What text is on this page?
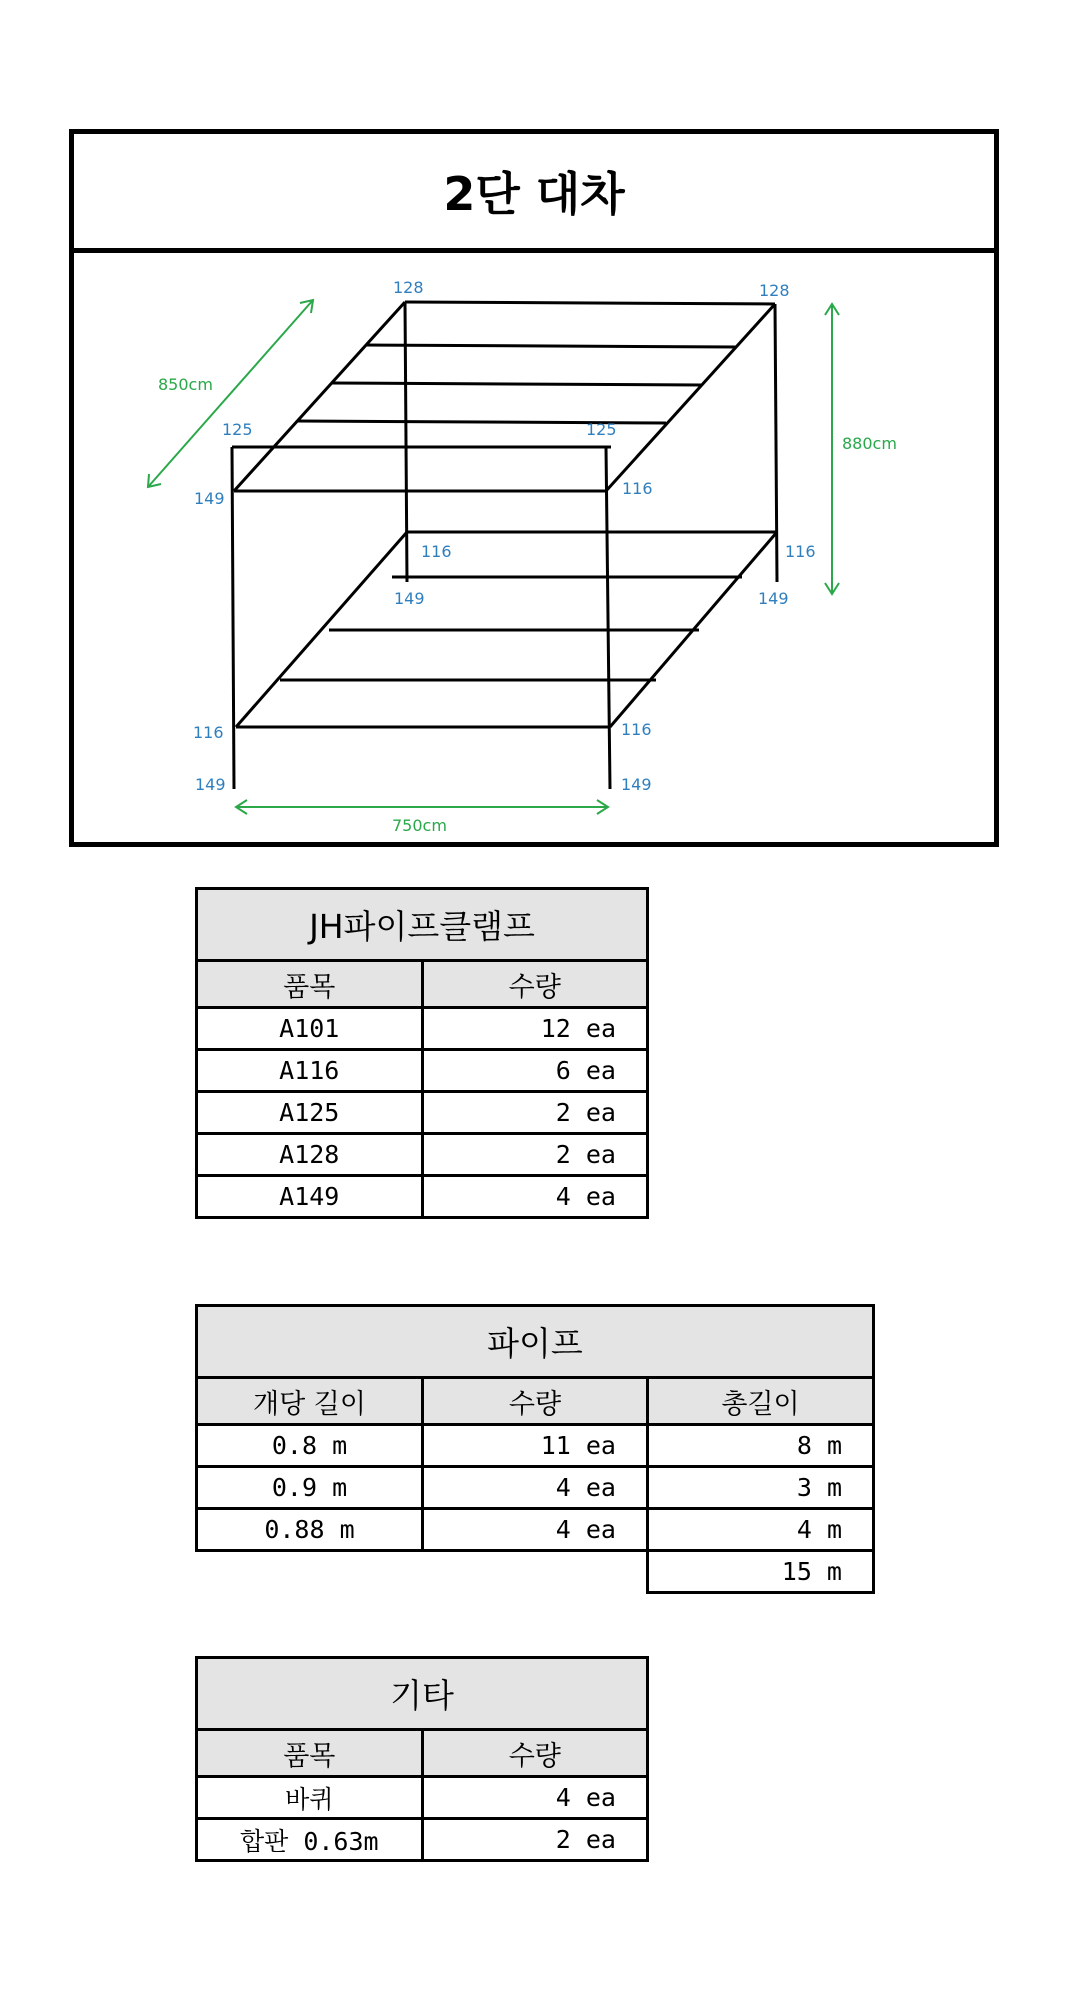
2단 대차
128	128
125
149
125
116
116
149
116
149
116
149
116
149
850cm
880cm
750cm
JH파이프클램프	
품목	수량
A101	12 ea
A116	6 ea
A125	2 ea
A128	2 ea
A149	4 ea
파이프		
개당 길이	수량	총길이
0.8 m	11 ea	8 m
0.9 m	4 ea	3 m
0.88 m	4 ea	4 m
		15 m
기타	
품목	수량
바퀴	4 ea
합판 0.63m	2 ea
